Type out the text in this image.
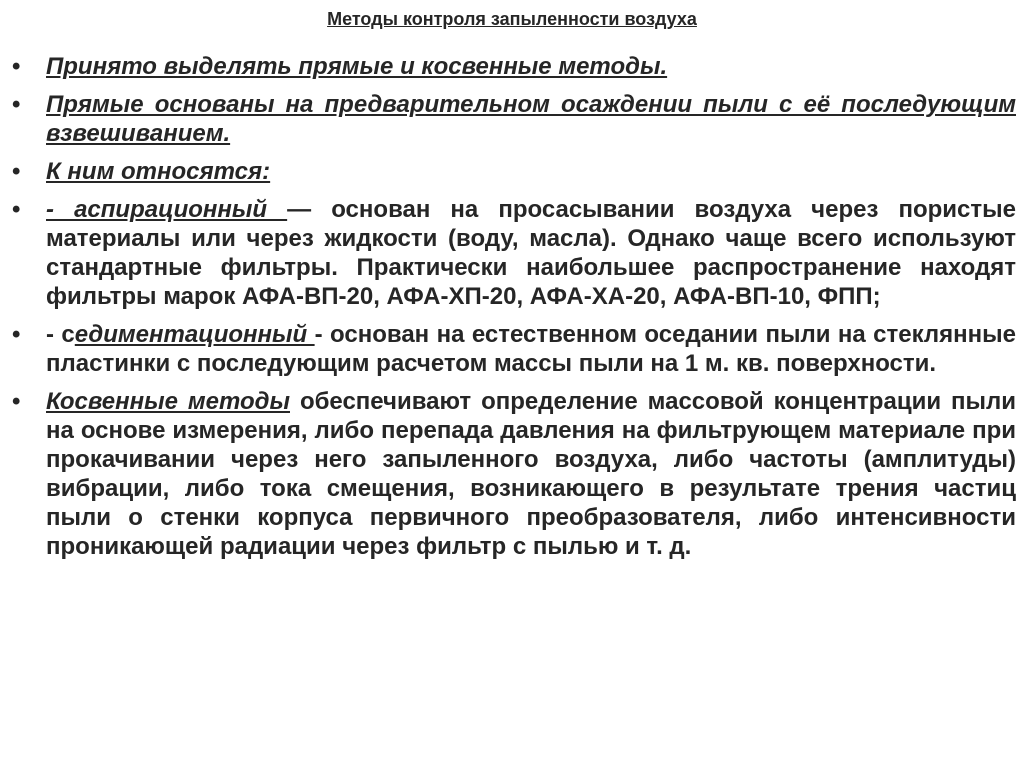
Методы контроля запыленности воздуха
• Принято выделять прямые и косвенные методы.
• Прямые основаны на предварительном осаждении пыли с её последующим взвешиванием.
• К ним относятся:
• - аспирационный — основан на просасывании воздуха через пористые материалы или через жидкости (воду, масла). Однако чаще всего используют стандартные фильтры. Практически наибольшее распространение находят фильтры марок АФА-ВП-20, АФА-ХП-20, АФА-ХА-20, АФА-ВП-10, ФПП;
• - седиментационный - основан на естественном оседании пыли на стеклянные пластинки с последующим расчетом массы пыли на 1 м. кв. поверхности.
• Косвенные методы обеспечивают определение массовой концентрации пыли на основе измерения, либо перепада давления на фильтрующем материале при прокачивании через него запыленного воздуха, либо частоты (амплитуды) вибрации, либо тока смещения, возникающего в результате трения частиц пыли о стенки корпуса первичного преобразователя, либо интенсивности проникающей радиации через фильтр с пылью и т. д.
